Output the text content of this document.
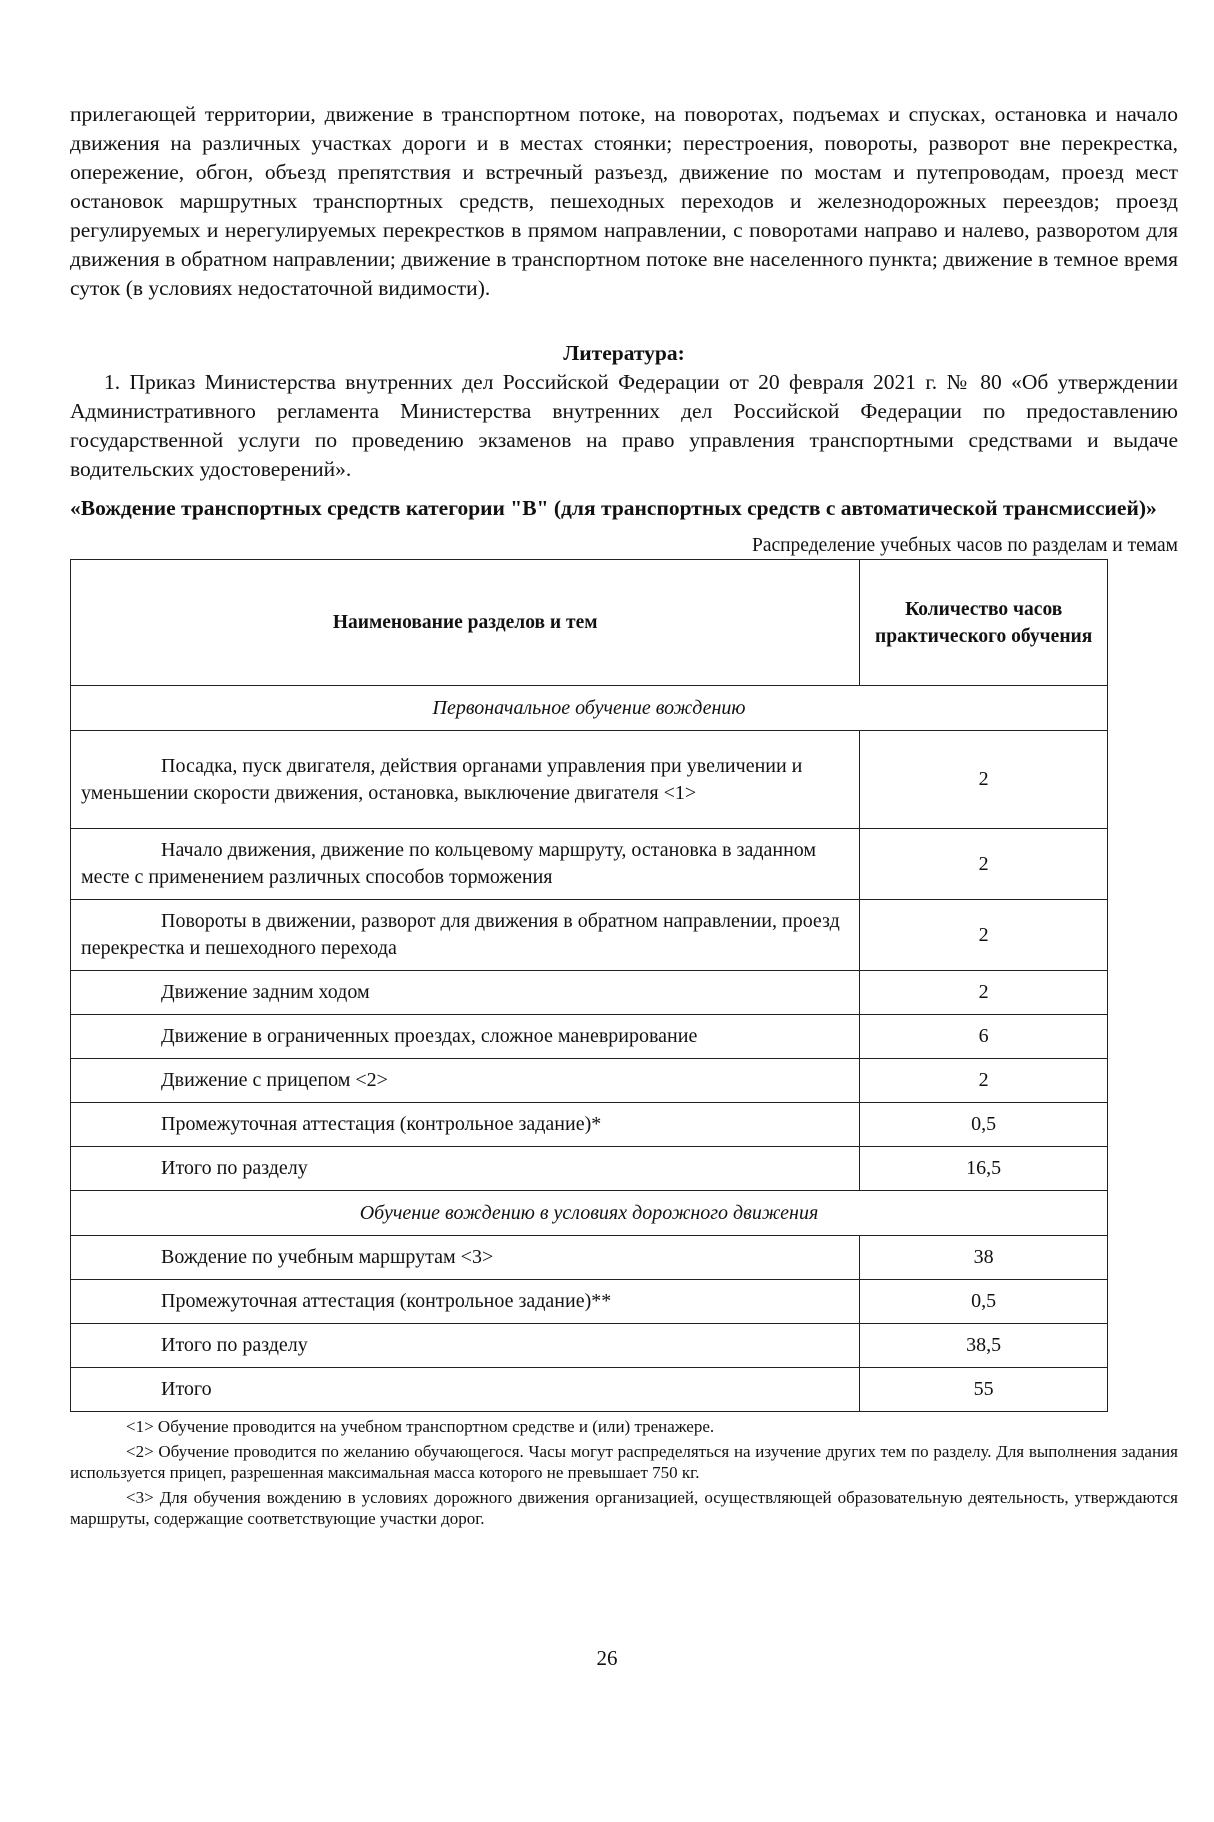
прилегающей территории, движение в транспортном потоке, на поворотах, подъемах и спусках, остановка и начало движения на различных участках дороги и в местах стоянки; перестроения, повороты, разворот вне перекрестка, опережение, обгон, объезд препятствия и встречный разъезд, движение по мостам и путепроводам, проезд мест остановок маршрутных транспортных средств, пешеходных переходов и железнодорожных переездов; проезд регулируемых и нерегулируемых перекрестков в прямом направлении, с поворотами направо и налево, разворотом для движения в обратном направлении; движение в транспортном потоке вне населенного пункта; движение в темное время суток (в условиях недостаточной видимости).

Литература:

1. Приказ Министерства внутренних дел Российской Федерации от 20 февраля 2021 г. № 80 «Об утверждении Административного регламента Министерства внутренних дел Российской Федерации по предоставлению государственной услуги по проведению экзаменов на право управления транспортными средствами и выдаче водительских удостоверений».

«Вождение транспортных средств категории "B" (для транспортных средств с автоматической трансмиссией)»

Распределение учебных часов по разделам и темам

Наименование разделов и тем	Количество часов практического обучения
Первоначальное обучение вождению	
Посадка, пуск двигателя, действия органами управления при увеличении и уменьшении скорости движения, остановка, выключение двигателя <1>	2
Начало движения, движение по кольцевому маршруту, остановка в заданном месте с применением различных способов торможения	2
Повороты в движении, разворот для движения в обратном направлении, проезд перекрестка и пешеходного перехода	2
Движение задним ходом	2
Движение в ограниченных проездах, сложное маневрирование	6
Движение с прицепом <2>	2
Промежуточная аттестация (контрольное задание)*	0,5
Итого по разделу	16,5
Обучение вождению в условиях дорожного движения	
Вождение по учебным маршрутам <3>	38
Промежуточная аттестация (контрольное задание)**	0,5
Итого по разделу	38,5
Итого	55

<1> Обучение проводится на учебном транспортном средстве и (или) тренажере.

<2> Обучение проводится по желанию обучающегося. Часы могут распределяться на изучение других тем по разделу. Для выполнения задания используется прицеп, разрешенная максимальная масса которого не превышает 750 кг.

<3> Для обучения вождению в условиях дорожного движения организацией, осуществляющей образовательную деятельность, утверждаются маршруты, содержащие соответствующие участки дорог.

26
